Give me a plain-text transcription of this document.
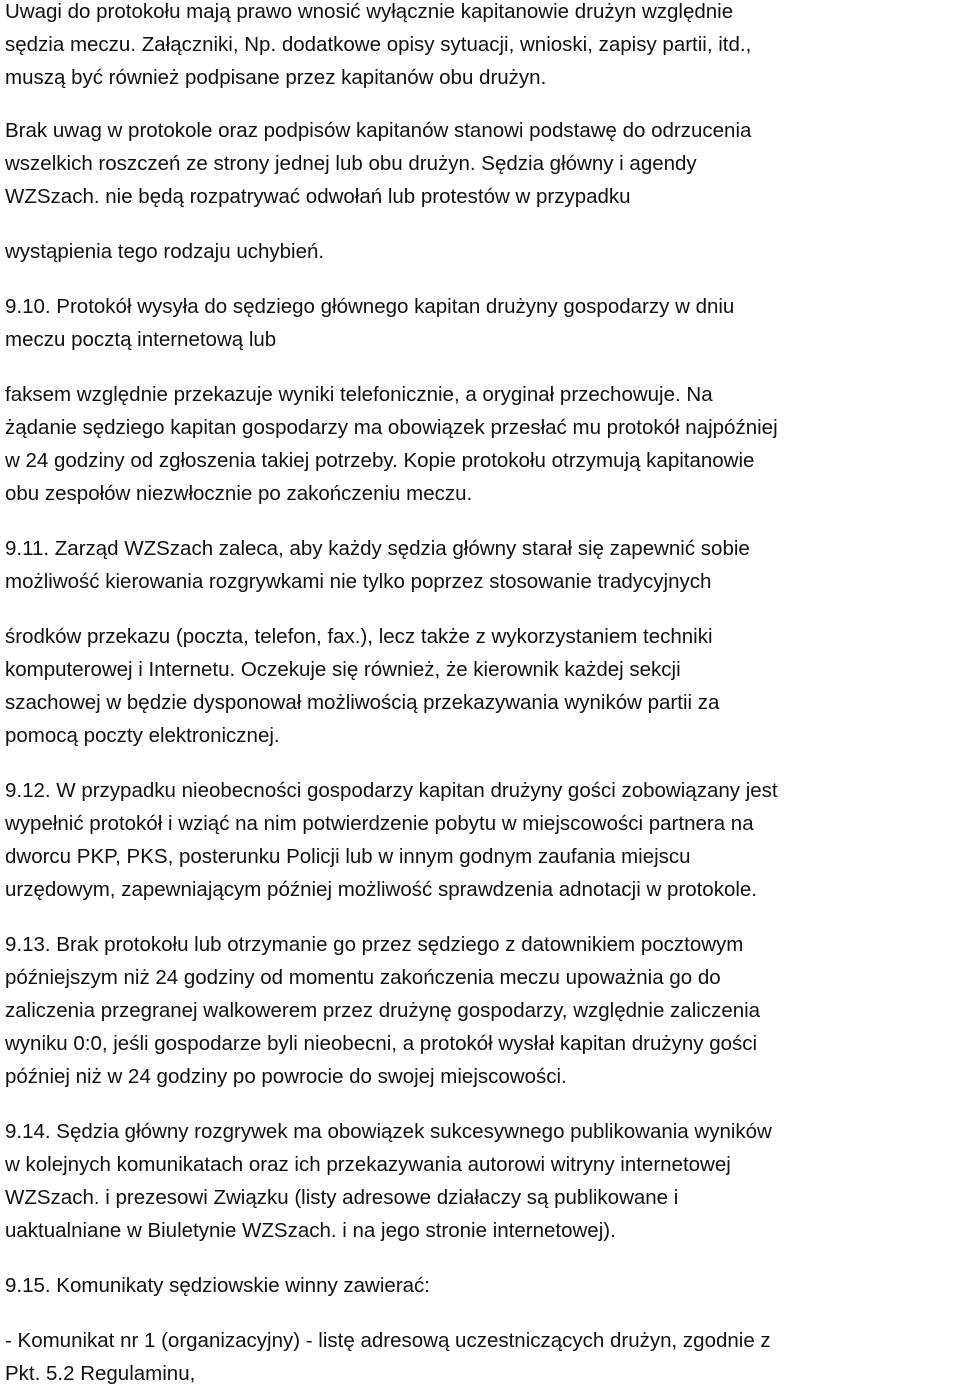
Uwagi do protokołu mają prawo wnosić wyłącznie kapitanowie drużyn względnie
sędzia meczu. Załączniki, Np. dodatkowe opisy sytuacji, wnioski, zapisy partii, itd.,
muszą być również podpisane przez kapitanów obu drużyn.
Brak uwag w protokole oraz podpisów kapitanów stanowi podstawę do odrzucenia
wszelkich roszczeń ze strony jednej lub obu drużyn. Sędzia główny i agendy
WZSzach. nie będą rozpatrywać odwołań lub protestów w przypadku
wystąpienia tego rodzaju uchybień.
9.10. Protokół wysyła do sędziego głównego kapitan drużyny gospodarzy w dniu
meczu pocztą internetową lub
faksem względnie przekazuje wyniki telefonicznie, a oryginał przechowuje. Na
żądanie sędziego kapitan gospodarzy ma obowiązek przesłać mu protokół najpóźniej
w 24 godziny od zgłoszenia takiej potrzeby. Kopie protokołu otrzymują kapitanowie
obu zespołów niezwłocznie po zakończeniu meczu.
9.11. Zarząd WZSzach zaleca, aby każdy sędzia główny starał się zapewnić sobie
możliwość kierowania rozgrywkami nie tylko poprzez stosowanie tradycyjnych
środków przekazu (poczta, telefon, fax.), lecz także z wykorzystaniem techniki
komputerowej i Internetu. Oczekuje się również, że kierownik każdej sekcji
szachowej w będzie dysponował możliwością przekazywania wyników partii za
pomocą poczty elektronicznej.
9.12. W przypadku nieobecności gospodarzy kapitan drużyny gości zobowiązany jest
wypełnić protokół i wziąć na nim potwierdzenie pobytu w miejscowości partnera na
dworcu PKP, PKS, posterunku Policji lub w innym godnym zaufania miejscu
urzędowym, zapewniającym później możliwość sprawdzenia adnotacji w protokole.
9.13. Brak protokołu lub otrzymanie go przez sędziego z datownikiem pocztowym
późniejszym niż 24 godziny od momentu zakończenia meczu upoważnia go do
zaliczenia przegranej walkowerem przez drużynę gospodarzy, względnie zaliczenia
wyniku 0:0, jeśli gospodarze byli nieobecni, a protokół wysłał kapitan drużyny gości
później niż w 24 godziny po powrocie do swojej miejscowości.
9.14. Sędzia główny rozgrywek ma obowiązek sukcesywnego publikowania wyników
w kolejnych komunikatach oraz ich przekazywania autorowi witryny internetowej
WZSzach. i prezesowi Związku (listy adresowe działaczy są publikowane i
uaktualniane w Biuletynie WZSzach. i na jego stronie internetowej).
9.15. Komunikaty sędziowskie winny zawierać:
- Komunikat nr 1 (organizacyjny) - listę adresową uczestniczących drużyn, zgodnie z
Pkt. 5.2 Regulaminu,
